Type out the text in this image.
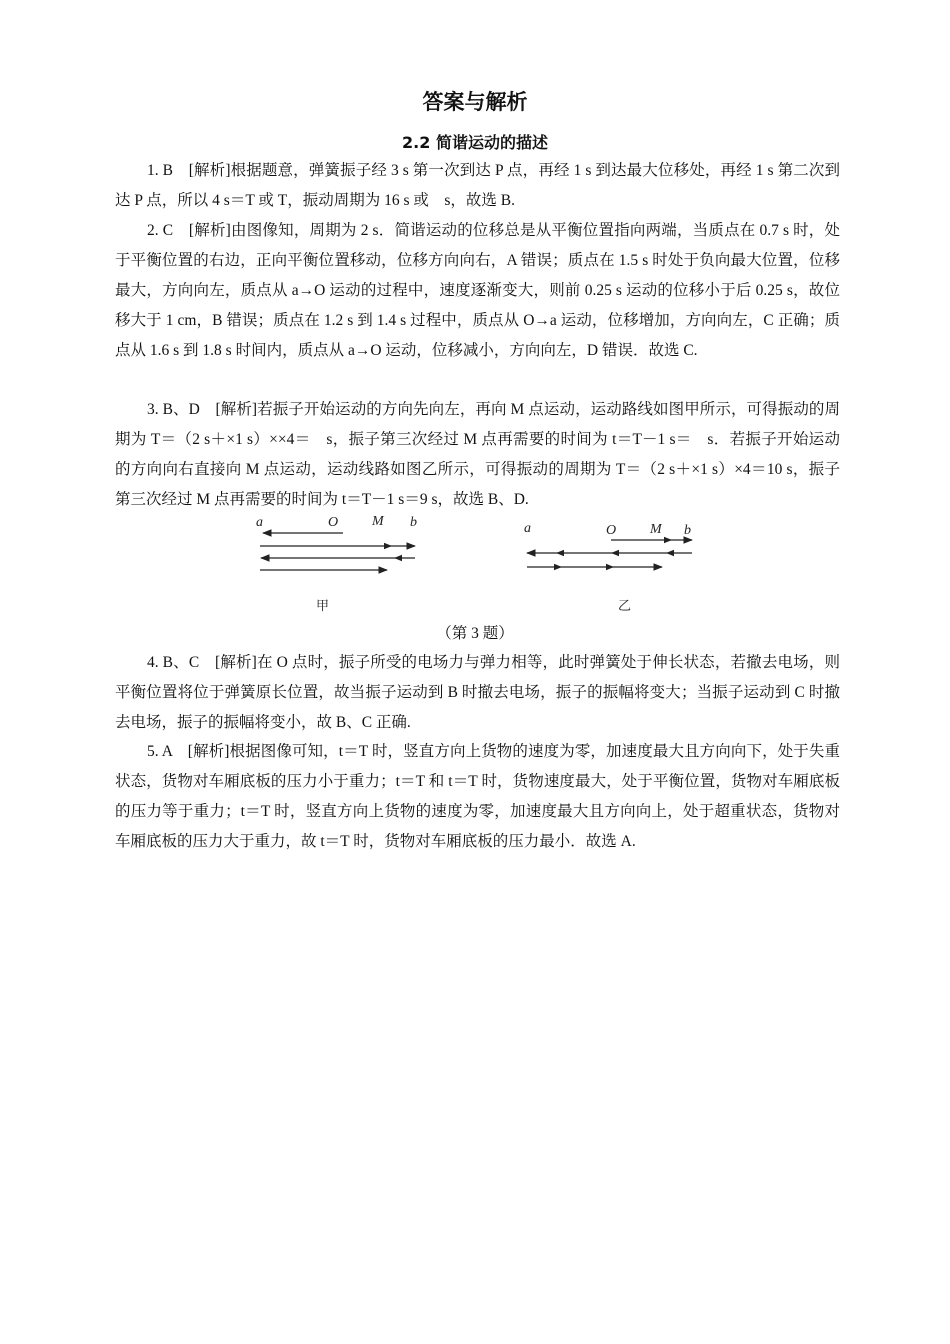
答案与解析
2.2 简谐运动的描述
1. B　[解析]根据题意，弹簧振子经 3 s 第一次到达 P 点，再经 1 s 到达最大位移处，再经 1 s 第二次到达 P 点，所以 4 s＝T 或 T，振动周期为 16 s 或　s，故选 B.
2. C　[解析]由图像知，周期为 2 s．简谐运动的位移总是从平衡位置指向两端，当质点在 0.7 s 时，处于平衡位置的右边，正向平衡位置移动，位移方向向右，A 错误；质点在 1.5 s 时处于负向最大位置，位移最大，方向向左，质点从 a→O 运动的过程中，速度逐渐变大，则前 0.25 s 运动的位移小于后 0.25 s，故位移大于 1 cm，B 错误；质点在 1.2 s 到 1.4 s 过程中，质点从 O→a 运动，位移增加，方向向左，C 正确；质点从 1.6 s 到 1.8 s 时间内，质点从 a→O 运动，位移减小，方向向左，D 错误．故选 C.
3. B、D　[解析]若振子开始运动的方向先向左，再向 M 点运动，运动路线如图甲所示，可得振动的周期为 T＝（2 s＋×1 s）××4＝　s，振子第三次经过 M 点再需要的时间为 t＝T－1 s＝　s．若振子开始运动的方向向右直接向 M 点运动，运动线路如图乙所示，可得振动的周期为 T＝（2 s＋×1 s）×4＝10 s，振子第三次经过 M 点再需要的时间为 t＝T－1 s＝9 s，故选 B、D.
a	O M b
甲
a	O M b
乙
（第 3 题）
4. B、C　[解析]在 O 点时，振子所受的电场力与弹力相等，此时弹簧处于伸长状态，若撤去电场，则平衡位置将位于弹簧原长位置，故当振子运动到 B 时撤去电场，振子的振幅将变大；当振子运动到 C 时撤去电场，振子的振幅将变小，故 B、C 正确.
5. A　[解析]根据图像可知，t＝T 时，竖直方向上货物的速度为零，加速度最大且方向向下，处于失重状态，货物对车厢底板的压力小于重力；t＝T 和 t＝T 时，货物速度最大，处于平衡位置，货物对车厢底板的压力等于重力；t＝T 时，竖直方向上货物的速度为零，加速度最大且方向向上，处于超重状态，货物对车厢底板的压力大于重力，故 t＝T 时，货物对车厢底板的压力最小．故选 A.
